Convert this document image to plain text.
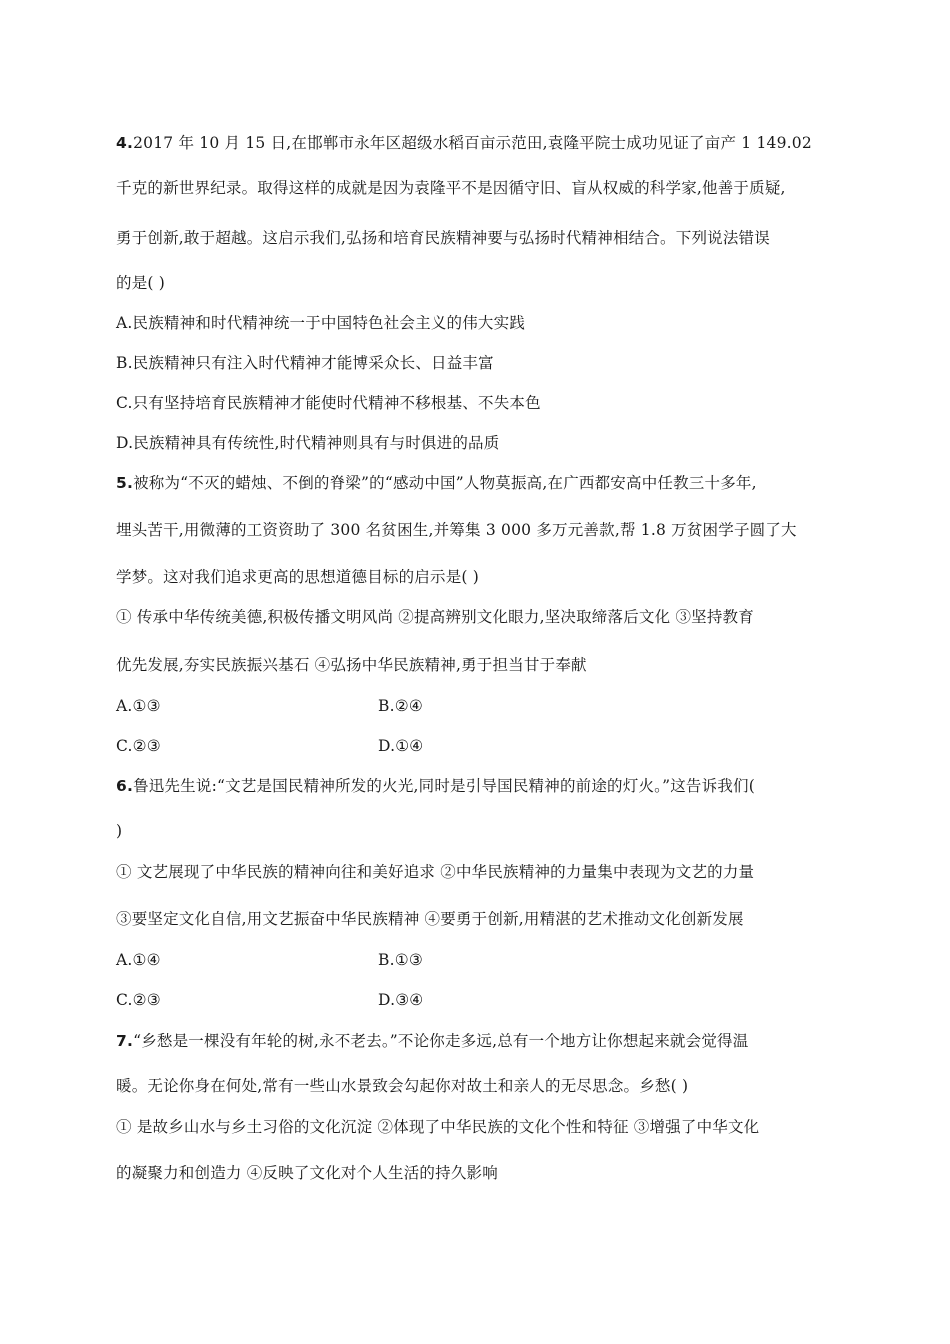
4.2017 年 10 月 15 日,在邯郸市永年区超级水稻百亩示范田,袁隆平院士成功见证了亩产 1 149.02
千克的新世界纪录。取得这样的成就是因为袁隆平不是因循守旧、盲从权威的科学家,他善于质疑,
勇于创新,敢于超越。这启示我们,弘扬和培育民族精神要与弘扬时代精神相结合。下列说法错误
的是( )
A.民族精神和时代精神统一于中国特色社会主义的伟大实践
B.民族精神只有注入时代精神才能博采众长、日益丰富
C.只有坚持培育民族精神才能使时代精神不移根基、不失本色
D.民族精神具有传统性,时代精神则具有与时俱进的品质
5.被称为“不灭的蜡烛、不倒的脊梁”的“感动中国”人物莫振高,在广西都安高中任教三十多年,
埋头苦干,用微薄的工资资助了 300 名贫困生,并筹集 3 000 多万元善款,帮 1.8 万贫困学子圆了大
学梦。这对我们追求更高的思想道德目标的启示是( )
① 传承中华传统美德,积极传播文明风尚 ②提高辨别文化眼力,坚决取缔落后文化 ③坚持教育
优先发展,夯实民族振兴基石 ④弘扬中华民族精神,勇于担当甘于奉献
A.①③	B.②④
C.②③	D.①④
6.鲁迅先生说:“文艺是国民精神所发的火光,同时是引导国民精神的前途的灯火。”这告诉我们(
)
① 文艺展现了中华民族的精神向往和美好追求 ②中华民族精神的力量集中表现为文艺的力量
③要坚定文化自信,用文艺振奋中华民族精神 ④要勇于创新,用精湛的艺术推动文化创新发展
A.①④	B.①③
C.②③	D.③④
7.“乡愁是一棵没有年轮的树,永不老去。”不论你走多远,总有一个地方让你想起来就会觉得温
暖。无论你身在何处,常有一些山水景致会勾起你对故土和亲人的无尽思念。乡愁( )
① 是故乡山水与乡土习俗的文化沉淀 ②体现了中华民族的文化个性和特征 ③增强了中华文化
的凝聚力和创造力 ④反映了文化对个人生活的持久影响
